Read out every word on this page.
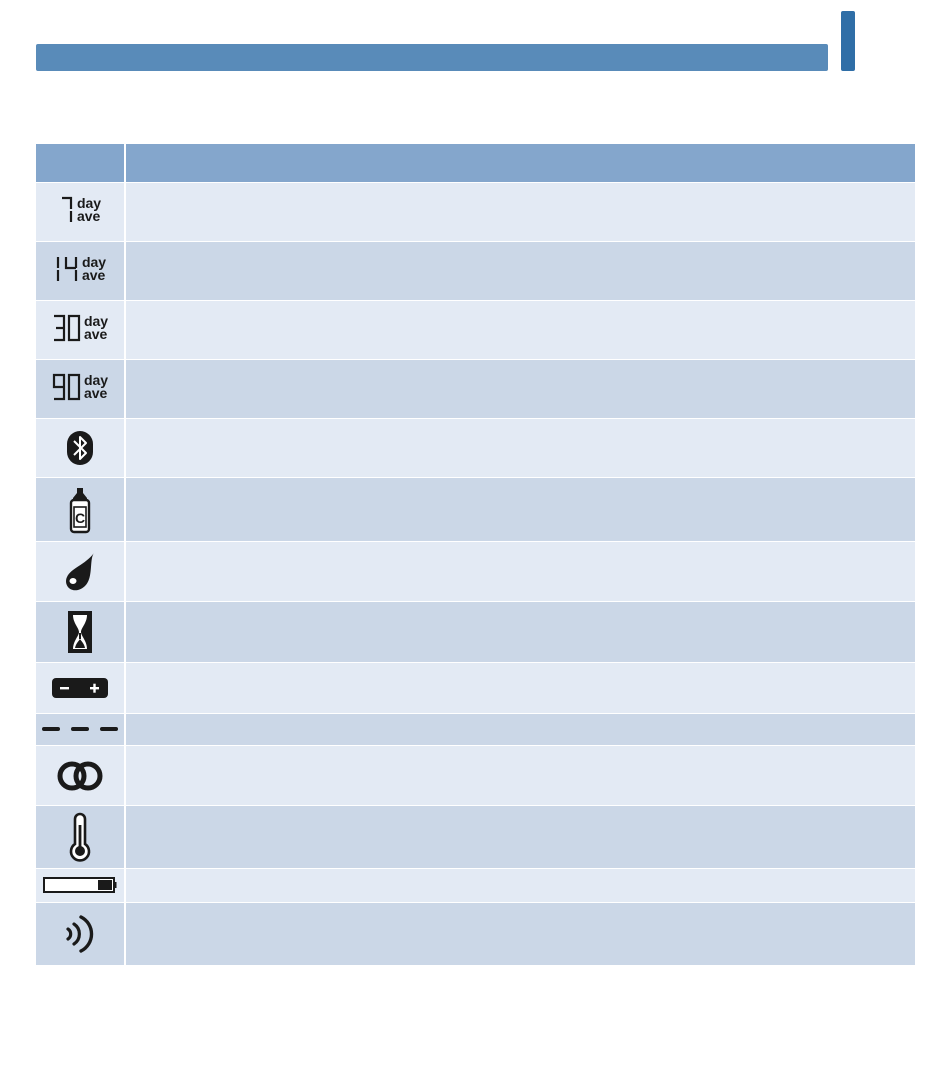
day
ave	

day
ave	

day
ave	

day
ave	

C	
